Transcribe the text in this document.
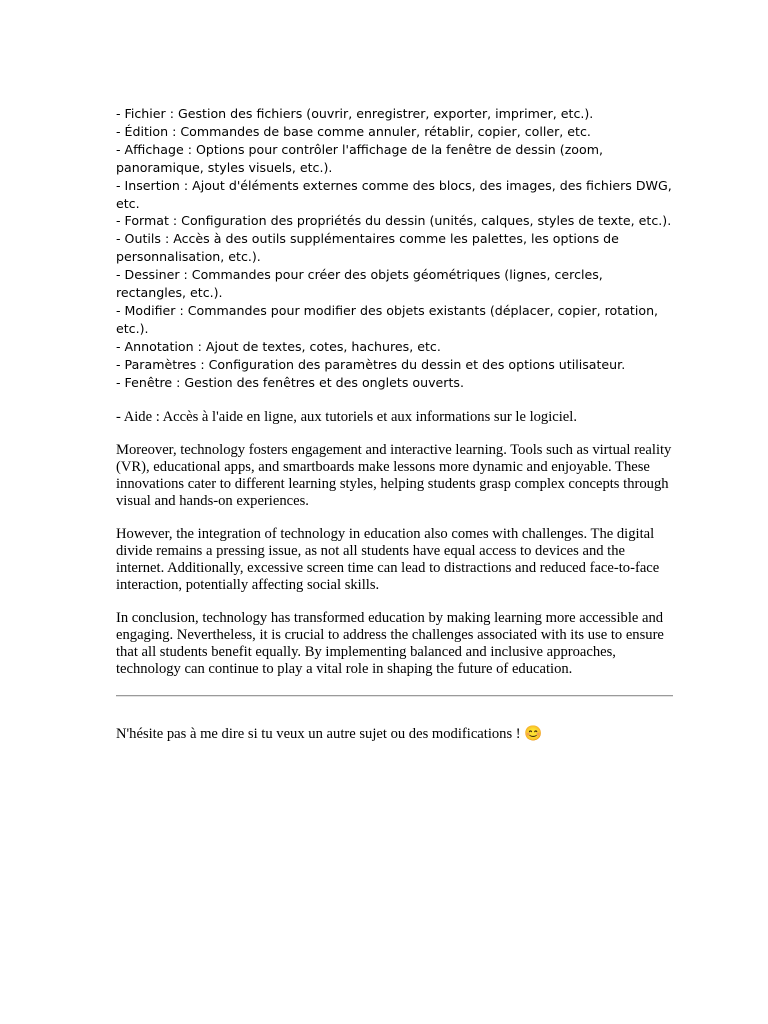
- Fichier : Gestion des fichiers (ouvrir, enregistrer, exporter, imprimer, etc.).
- Édition : Commandes de base comme annuler, rétablir, copier, coller, etc.
- Affichage : Options pour contrôler l'affichage de la fenêtre de dessin (zoom, panoramique, styles visuels, etc.).
- Insertion : Ajout d'éléments externes comme des blocs, des images, des fichiers DWG, etc.
- Format : Configuration des propriétés du dessin (unités, calques, styles de texte, etc.).
- Outils : Accès à des outils supplémentaires comme les palettes, les options de personnalisation, etc.).
- Dessiner : Commandes pour créer des objets géométriques (lignes, cercles, rectangles, etc.).
- Modifier : Commandes pour modifier des objets existants (déplacer, copier, rotation, etc.).
- Annotation : Ajout de textes, cotes, hachures, etc.
- Paramètres : Configuration des paramètres du dessin et des options utilisateur.
- Fenêtre : Gestion des fenêtres et des onglets ouverts.

- Aide : Accès à l'aide en ligne, aux tutoriels et aux informations sur le logiciel.

Moreover, technology fosters engagement and interactive learning. Tools such as virtual reality (VR), educational apps, and smartboards make lessons more dynamic and enjoyable. These innovations cater to different learning styles, helping students grasp complex concepts through visual and hands-on experiences.

However, the integration of technology in education also comes with challenges. The digital divide remains a pressing issue, as not all students have equal access to devices and the internet. Additionally, excessive screen time can lead to distractions and reduced face-to-face interaction, potentially affecting social skills.

In conclusion, technology has transformed education by making learning more accessible and engaging. Nevertheless, it is crucial to address the challenges associated with its use to ensure that all students benefit equally. By implementing balanced and inclusive approaches, technology can continue to play a vital role in shaping the future of education.

N'hésite pas à me dire si tu veux un autre sujet ou des modifications ! 😊
